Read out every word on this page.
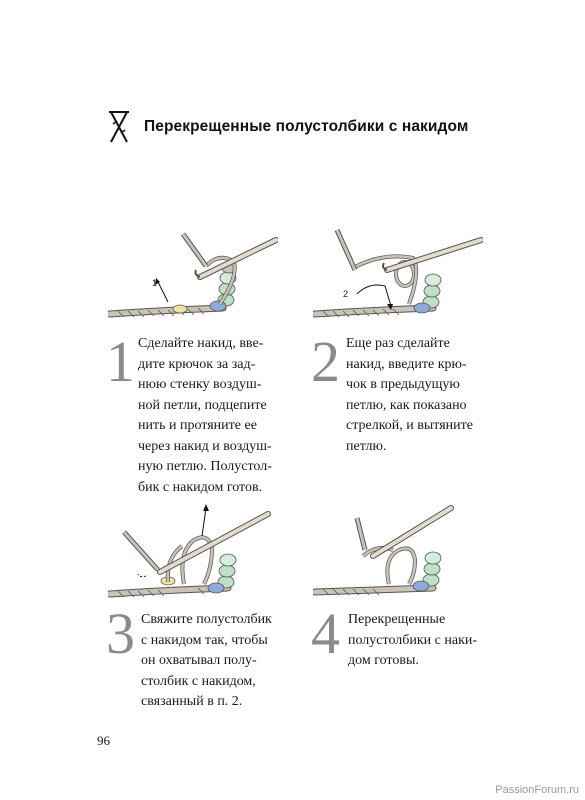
Перекрещенные полустолбики с накидом
1
2
1 Сделайте накид, вве-
дите крючок за зад-
нюю стенку воздуш-
ной петли, подцепите
нить и протяните ее
через накид и воздуш-
ную петлю. Полустол-
бик с накидом готов.
2 Еще раз сделайте
накид, введите крю-
чок в предыдущую
петлю, как показано
стрелкой, и вытяните
петлю.
3 Свяжите полустолбик
с накидом так, чтобы
он охватывал полу-
столбик с накидом,
связанный в п. 2.
4 Перекрещенные
полустолбики с нaки-
дом готовы.
96
PassionForum.ru
